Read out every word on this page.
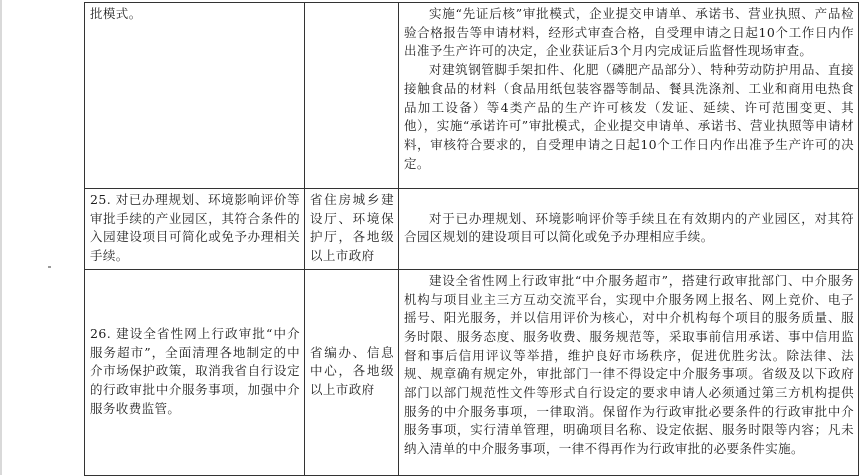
批模式。		实施“先证后核”审批模式，企业提交申请单、承诺书、营业执照、产品检验合格报告等申请材料，经形式审查合格，自受理申请之日起10个工作日内作出准予生产许可的决定，企业获证后3个月内完成证后监督性现场审查。
对建筑钢管脚手架扣件、化肥（磷肥产品部分）、特种劳动防护用品、直接接触食品的材料（食品用纸包装容器等制品、餐具洗涤剂、工业和商用电热食品加工设备）等4类产品的生产许可核发（发证、延续、许可范围变更、其他），实施“承诺许可”审批模式，企业提交申请单、承诺书、营业执照等申请材料，审核符合要求的，自受理申请之日起10个工作日内作出准予生产许可的决定。

25. 对已办理规划、环境影响评价等审批手续的产业园区，其符合条件的入园建设项目可简化或免予办理相关手续。	省住房城乡建设厅、环境保护厅，各地级以上市政府	对于已办理规划、环境影响评价等手续且在有效期内的产业园区，对其符合园区规划的建设项目可以简化或免予办理相应手续。

26. 建设全省性网上行政审批“中介服务超市”，全面清理各地制定的中介市场保护政策，取消我省自行设定的行政审批中介服务事项，加强中介服务收费监管。	省编办、信息中心，各地级以上市政府	建设全省性网上行政审批“中介服务超市”，搭建行政审批部门、中介服务机构与项目业主三方互动交流平台，实现中介服务网上报名、网上竞价、电子摇号、阳光服务，并以信用评价为核心，对中介机构每个项目的服务质量、服务时限、服务态度、服务收费、服务规范等，采取事前信用承诺、事中信用监督和事后信用评议等举措，维护良好市场秩序，促进优胜劣汰。除法律、法规、规章确有规定外，审批部门一律不得设定中介服务事项。省级及以下政府部门以部门规范性文件等形式自行设定的要求申请人必须通过第三方机构提供服务的中介服务事项，一律取消。保留作为行政审批必要条件的行政审批中介服务事项，实行清单管理，明确项目名称、设定依据、服务时限等内容；凡未纳入清单的中介服务事项，一律不得再作为行政审批的必要条件实施。
